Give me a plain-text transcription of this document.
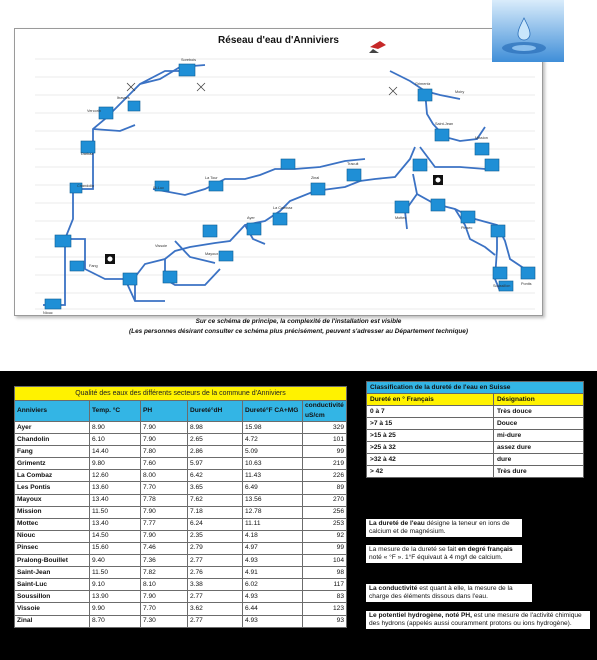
Réseau d'eau d'Anniviers
Niouc
Darbaz
Vercorin
Itravers
Sorebois
Chandolin
Fang
St-Luc
La Tour
Ayer
La Combaz
Zinal
Tracuit
Vissoie
Mayoux
Grimentz
Moiry
Saint-Jean
Mission
Mottec
Pinsec
Soussillon	Pontis
Sur ce schéma de principe, la complexité de l'installation est visible
(Les personnes désirant consulter ce schéma plus précisément, peuvent s'adresser au Département technique)
Qualité des eaux des différents secteurs de la commune d'Anniviers					
Anniviers	Temp. °C	PH	Dureté°dH	Dureté°F CA+MG	conductivité uS/cm
Ayer	8.90	7.90	8.98	15.98	329
Chandolin	6.10	7.90	2.65	4.72	101
Fang	14.40	7.80	2.86	5.09	99
Grimentz	9.80	7.60	5.97	10.63	219
La Combaz	12.60	8.00	6.42	11.43	226
Les Pontis	13.60	7.70	3.65	6.49	89
Mayoux	13.40	7.78	7.62	13.56	270
Mission	11.50	7.90	7.18	12.78	256
Mottec	13.40	7.77	6.24	11.11	253
Niouc	14.50	7.90	2.35	4.18	92
Pinsec	15.60	7.46	2.79	4.97	99
Pralong-Bouillet	9.40	7.36	2.77	4.93	104
Saint-Jean	11.50	7.82	2.76	4.91	98
Saint-Luc	9.10	8.10	3.38	6.02	117
Soussillon	13.90	7.90	2.77	4.93	83
Vissoie	9.90	7.70	3.62	6.44	123
Zinal	8.70	7.30	2.77	4.93	93
Classification de la dureté de l'eau en Suisse	
Dureté en ° Français	Désignation
0 à 7	Très douce
>7 à 15	Douce
>15 à 25	mi-dure
>25 à 32	assez dure
>32 à 42	dure
> 42	Très dure
La dureté de l'eau désigne la teneur en ions de calcium et de magnésium.
La mesure de la dureté se fait en degré français noté « °F ». 1°F équivaut à 4 mg/l de calcium.
La conductivité est quant à elle, la mesure de la charge des éléments dissous dans l'eau.
Le potentiel hydrogène, noté PH, est une mesure de l'activité chimique des hydrons (appelés aussi couramment protons ou ions hydrogène).
